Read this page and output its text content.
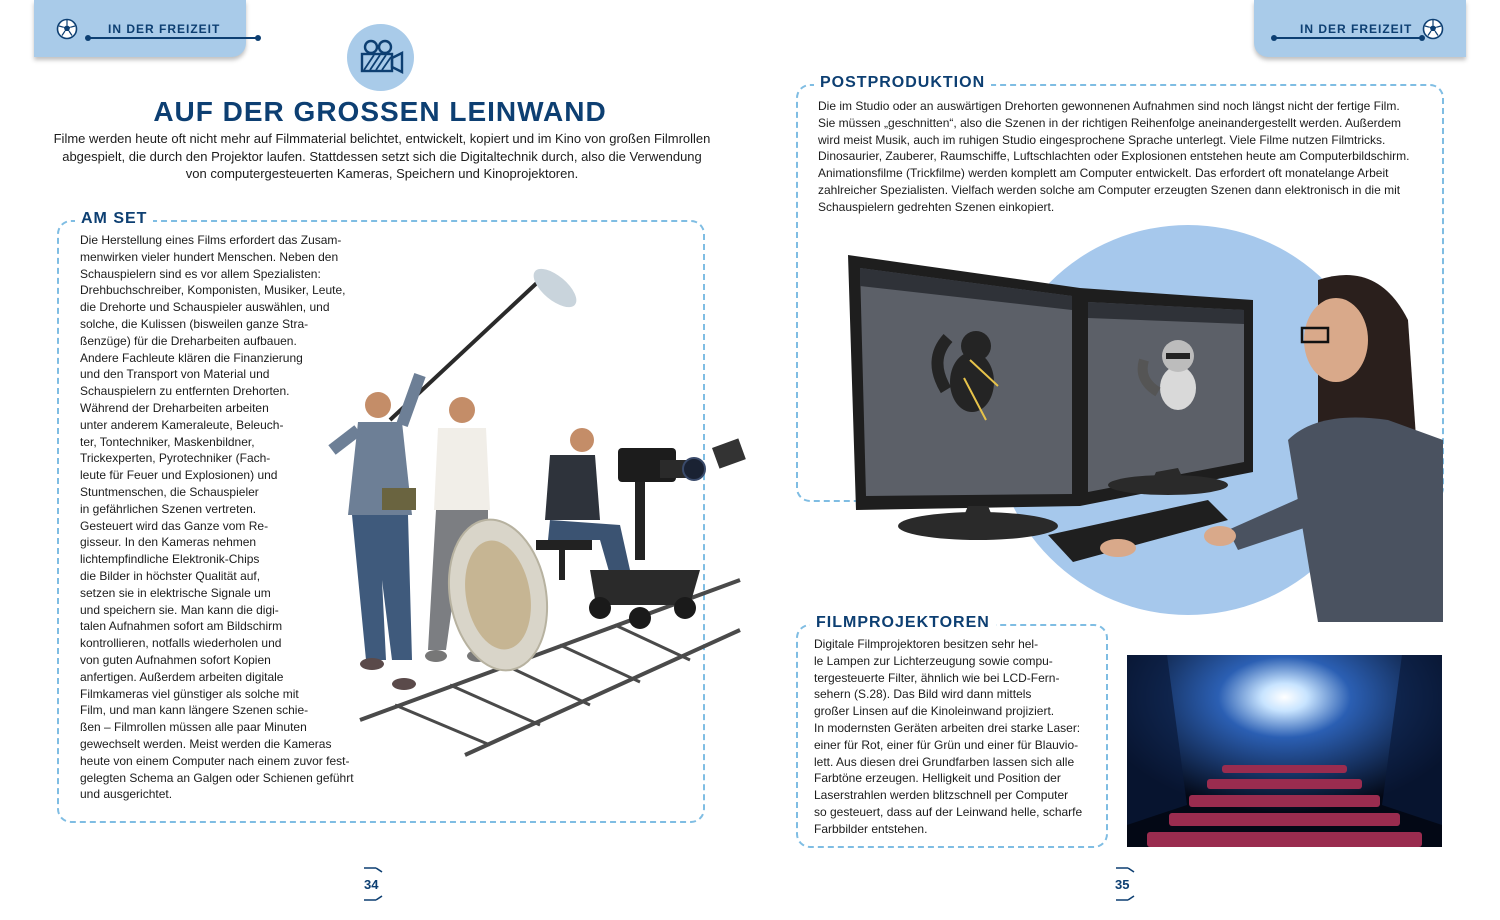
IN DER FREIZEIT	IN DER FREIZEIT
AUF DER GROSSEN LEINWAND
Filme werden heute oft nicht mehr auf Filmmaterial belichtet, entwickelt, kopiert und im Kino von großen Filmrollen abgespielt, die durch den Projektor laufen. Stattdessen setzt sich die Digitaltechnik durch, also die Verwendung von computergesteuerten Kameras, Speichern und Kinoprojektoren.
AM SET
Die Herstellung eines Films erfordert das Zusam-
menwirken vieler hundert Menschen. Neben den
Schauspielern sind es vor allem Spezialisten:
Drehbuchschreiber, Komponisten, Musiker, Leute,
die Drehorte und Schauspieler auswählen, und
solche, die Kulissen (bisweilen ganze Stra-
ßenzüge) für die Dreharbeiten aufbauen.
Andere Fachleute klären die Finanzierung
und den Transport von Material und
Schauspielern zu entfernten Drehorten.
Während der Dreharbeiten arbeiten
unter anderem Kameraleute, Beleuch-
ter, Tontechniker, Maskenbildner,
Trickexperten, Pyrotechniker (Fach-
leute für Feuer und Explosionen) und
Stuntmenschen, die Schauspieler
in gefährlichen Szenen vertreten.
Gesteuert wird das Ganze vom Re-
gisseur. In den Kameras nehmen
lichtempfindliche Elektronik-Chips
die Bilder in höchster Qualität auf,
setzen sie in elektrische Signale um
und speichern sie. Man kann die digi-
talen Aufnahmen sofort am Bildschirm
kontrollieren, notfalls wiederholen und
von guten Aufnahmen sofort Kopien
anfertigen. Außerdem arbeiten digitale
Filmkameras viel günstiger als solche mit
Film, und man kann längere Szenen schie-
ßen – Filmrollen müssen alle paar Minuten
gewechselt werden. Meist werden die Kameras
heute von einem Computer nach einem zuvor fest-
gelegten Schema an Galgen oder Schienen geführt
und ausgerichtet.
34
POSTPRODUKTION
Die im Studio oder an auswärtigen Drehorten gewonnenen Aufnahmen sind noch längst nicht der fertige Film.
Sie müssen „geschnitten“, also die Szenen in der richtigen Reihenfolge aneinandergestellt werden. Außerdem
wird meist Musik, auch im ruhigen Studio eingesprochene Sprache unterlegt. Viele Filme nutzen Filmtricks.
Dinosaurier, Zauberer, Raumschiffe, Luftschlachten oder Explosionen entstehen heute am Computerbildschirm.
Animationsfilme (Trickfilme) werden komplett am Computer entwickelt. Das erfordert oft monatelange Arbeit
zahlreicher Spezialisten. Vielfach werden solche am Computer erzeugten Szenen dann elektronisch in die mit
Schauspielern gedrehten Szenen einkopiert.
FILMPROJEKTOREN
Digitale Filmprojektoren besitzen sehr hel-
le Lampen zur Lichterzeugung sowie compu-
tergesteuerte Filter, ähnlich wie bei LCD-Fern-
sehern (S.28). Das Bild wird dann mittels
großer Linsen auf die Kinoleinwand projiziert.
In modernsten Geräten arbeiten drei starke Laser:
einer für Rot, einer für Grün und einer für Blauvio-
lett. Aus diesen drei Grundfarben lassen sich alle
Farbtöne erzeugen. Helligkeit und Position der
Laserstrahlen werden blitzschnell per Computer
so gesteuert, dass auf der Leinwand helle, scharfe
Farbbilder entstehen.
35
